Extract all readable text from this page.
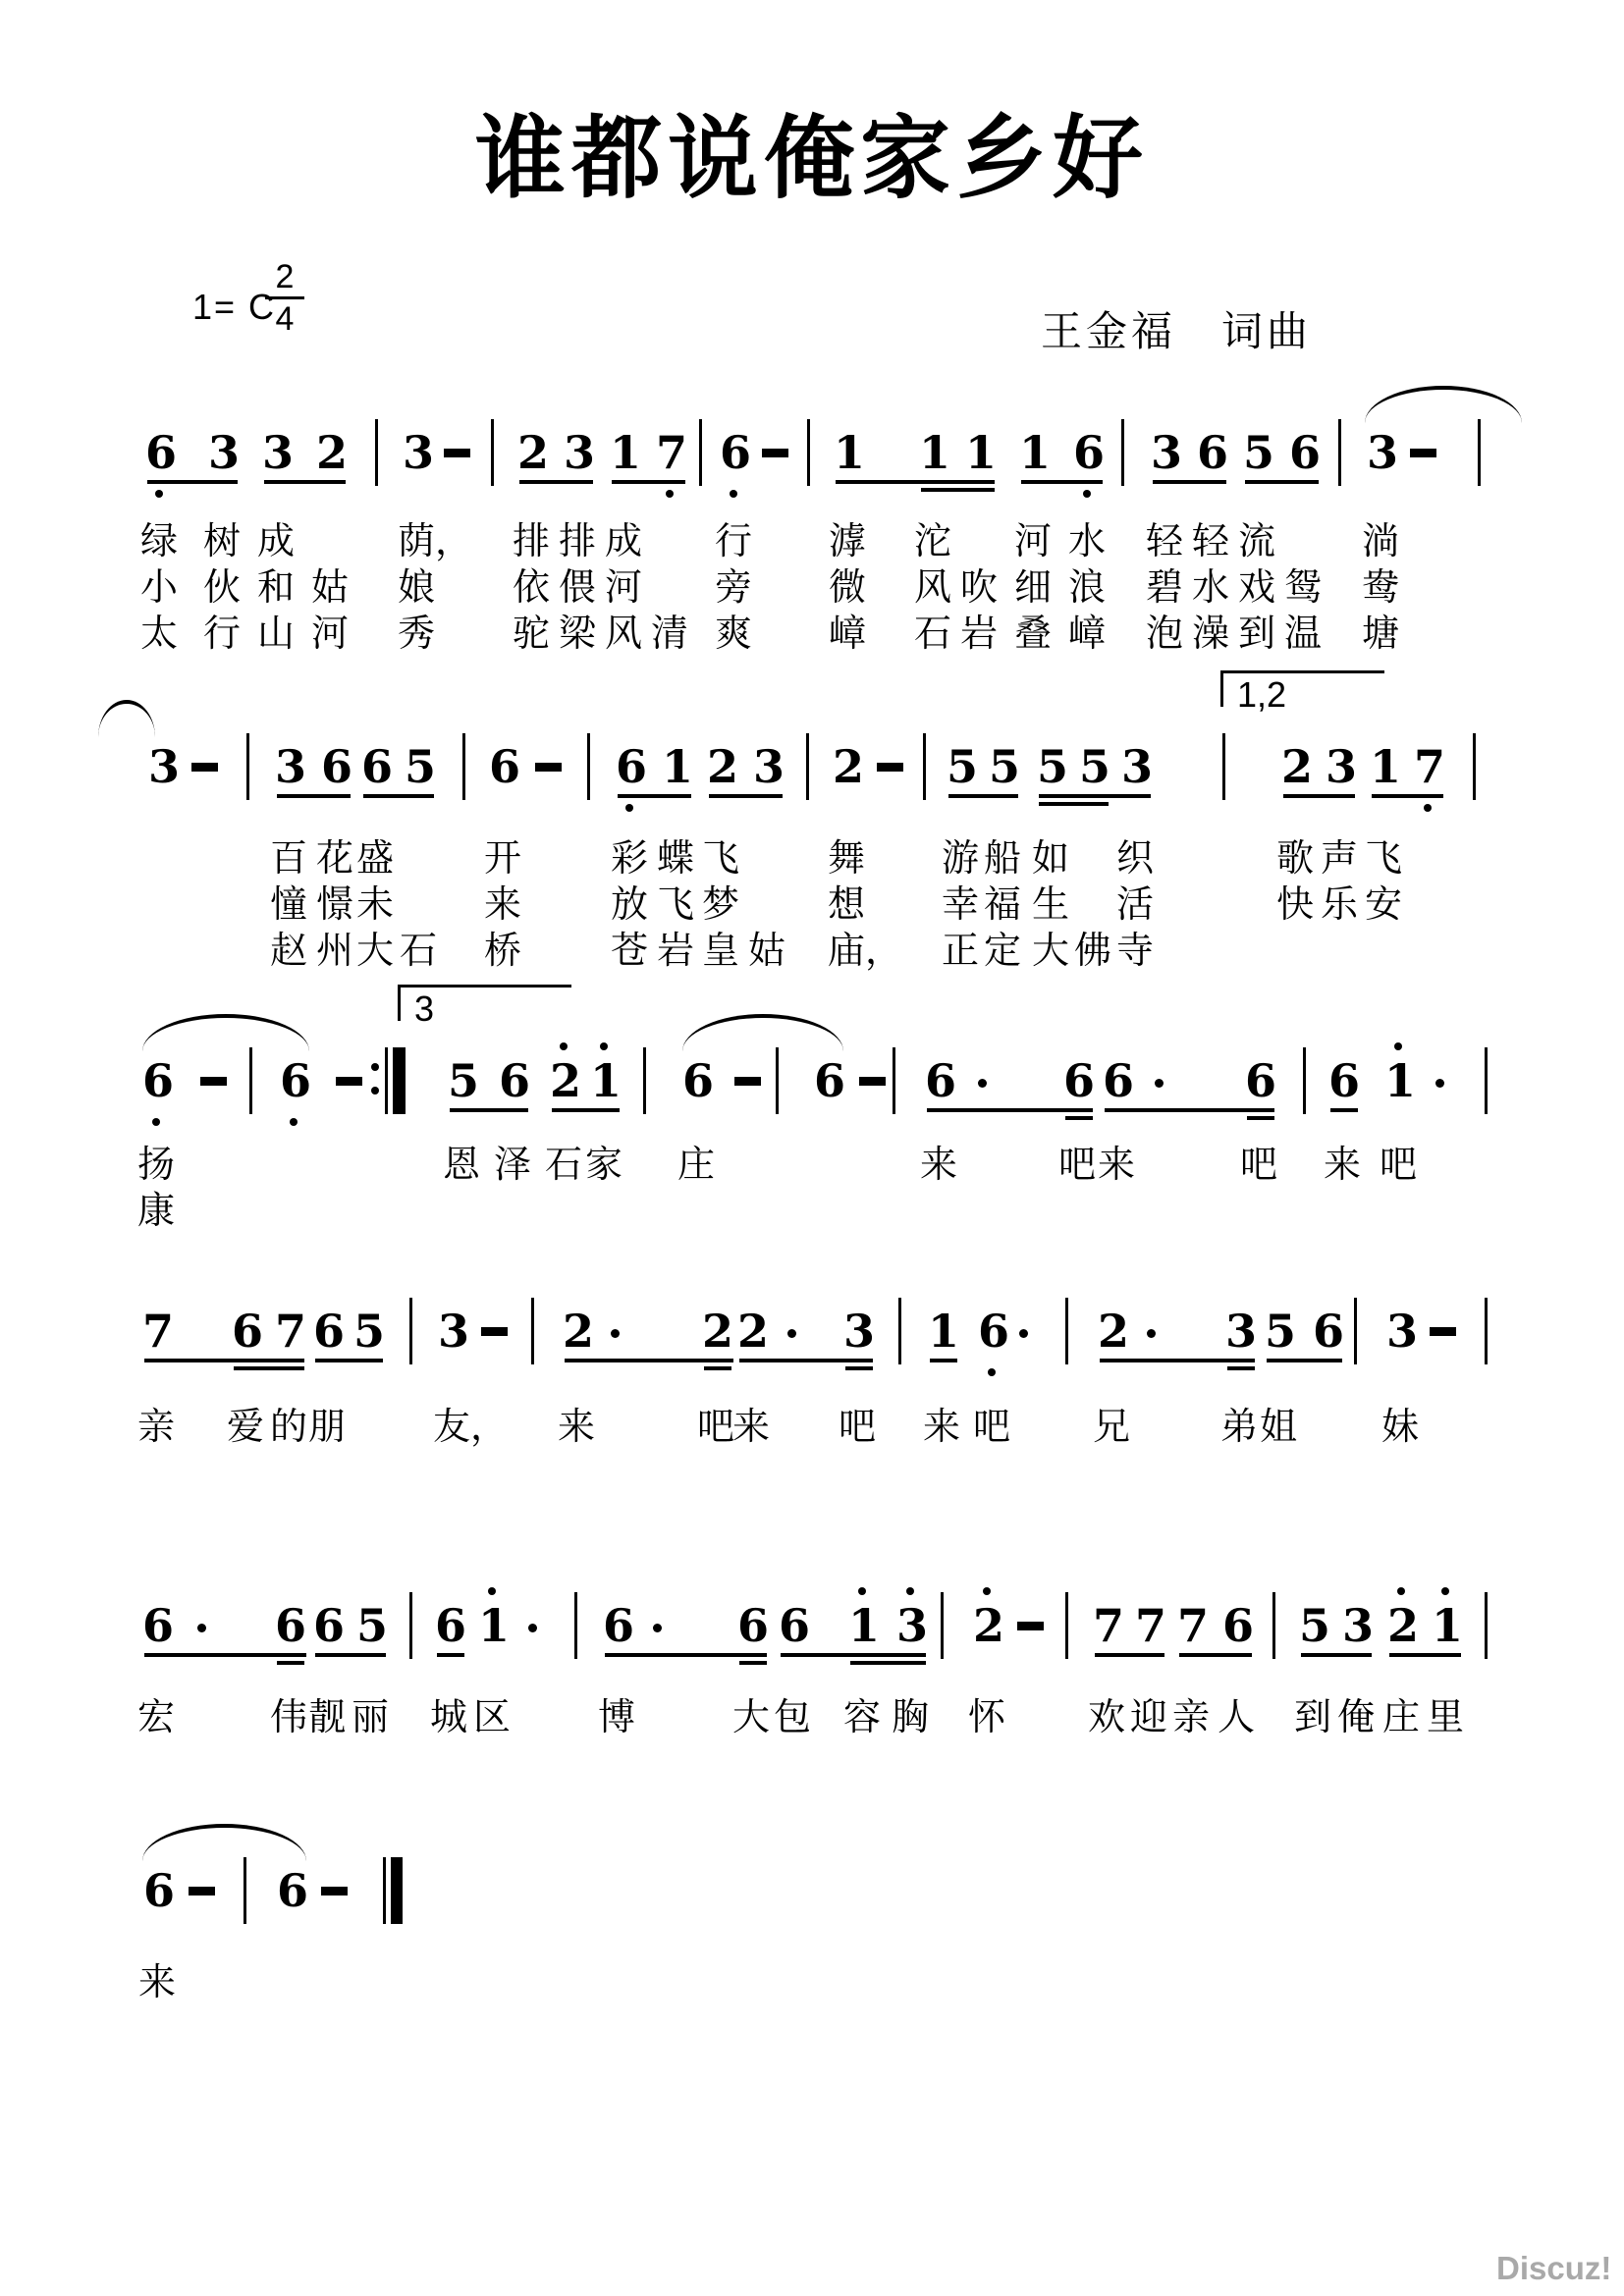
谁都说俺家乡好
1= C
$\frac{2}{4}$	王金福　词曲
6 3 3 2 3 2 3 1 7 6 1 1 1 1 6 3 6 5 6 3
绿 树 成	荫， 排 排 成 行 滹 沱 河 水 轻 轻 流 淌
小 伙 和 姑 娘 依 偎 河 旁 微 风 吹 细 浪 碧 水 戏 鸳 鸯
太 行 山 河 秀 驼 梁 风 清 爽 嶂 石 岩 叠 嶂 泡 澡 到 温 塘
3 3 6 6 5 6 6 1 2 3 2 5 5 5 5 3	2 3 1 7
1,2
百 花 盛 开 彩 蝶 飞 舞 游 船 如 织	歌 声 飞
憧 憬 未 来 放 飞 梦 想 幸 福 生 活	快 乐 安
赵 州 大 石 桥 苍 岩 皇 姑 庙， 正 定 大 佛 寺
6 6	5 6 2 1 6 6 6 6 6 6 6 1
3
扬	恩 泽 石 家 庄	来	吧 来	吧 来 吧
康
7 6 7 6 5 3 2 2 2 3 1 6 2 3 5 6 3
亲 爱 的 朋 友， 来	吧
来 吧 来 吧 兄 弟 姐 妹
6 6 6 5 6 1 6 6 6 1 3 2 7 7 7 6 5 3 2 1
宏	伟 靓 丽 城 区 博	大 包 容 胸 怀 欢 迎 亲 人 到 俺 庄 里
6 6
来
Discuz!
